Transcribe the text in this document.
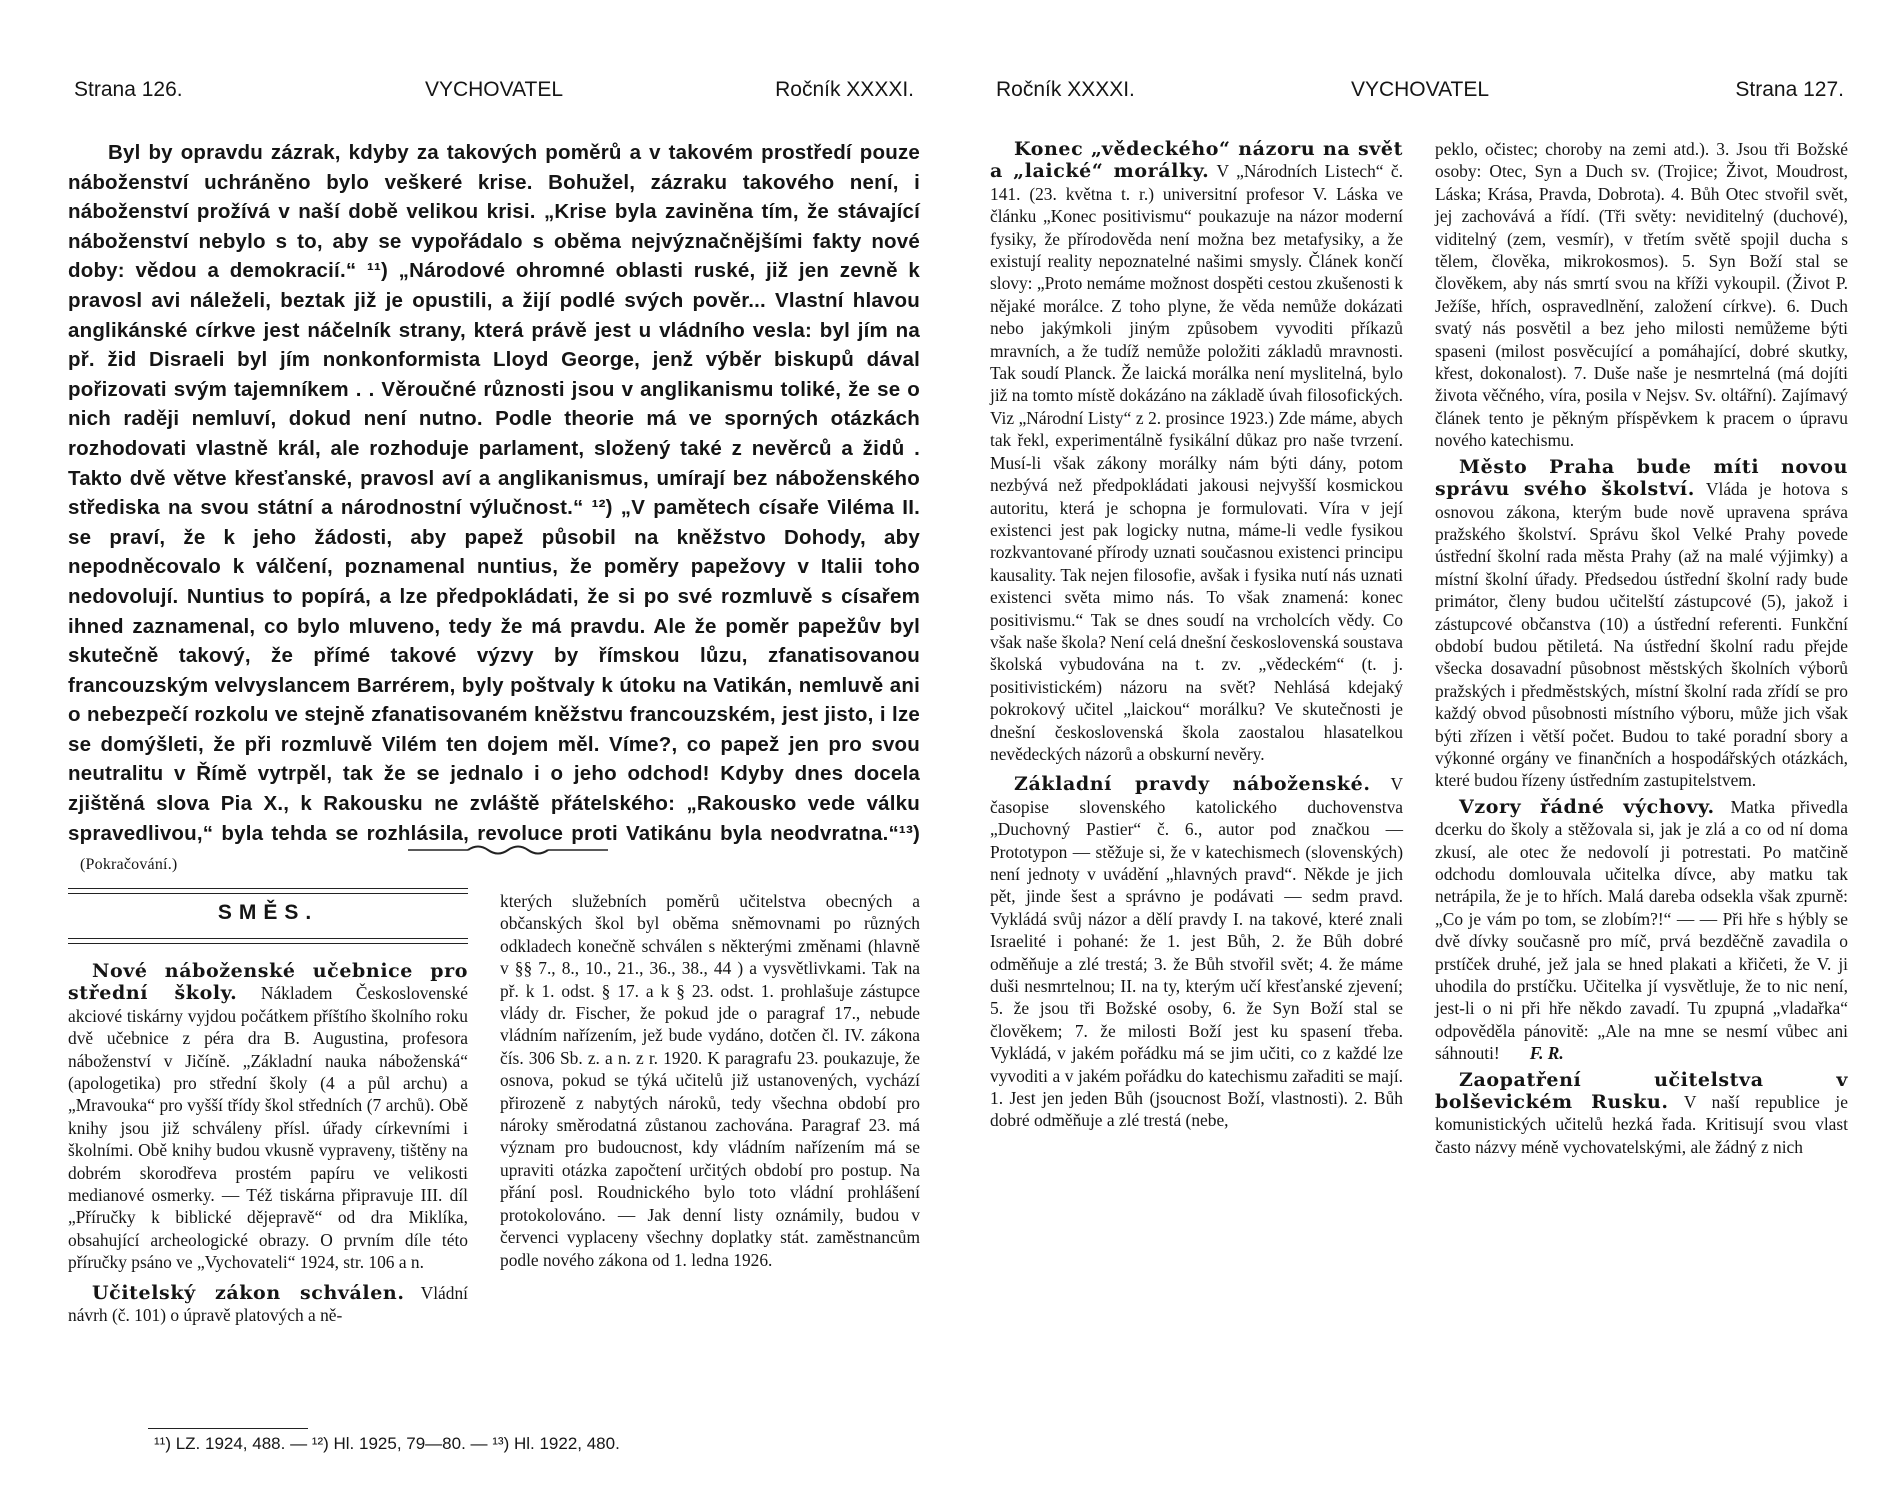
Strana 126.	VYCHOVATEL	Ročník XXXXI.

Byl by opravdu zázrak, kdyby za takových poměrů a v takovém prostředí pouze náboženství uchráněno bylo veškeré krise. Bohužel, zázraku takového není, i náboženství prožívá v naší době velikou krisi. „Krise byla zaviněna tím, že stávající náboženství nebylo s to, aby se vypořádalo s oběma nejvýznačnějšími fakty nové doby: vědou a demokracií.“ ¹¹) „Národové ohromné oblasti ruské, již jen zevně k pravosl avi náleželi, beztak již je opustili, a žijí podlé svých pověr... Vlastní hlavou anglikánské církve jest náčelník strany, která právě jest u vládního vesla: byl jím na př. žid Disraeli byl jím nonkonformista Lloyd George, jenž výběr biskupů dával pořizovati svým tajemníkem . . Věroučné různosti jsou v anglikanismu toliké, že se o nich raději nemluví, dokud není nutno. Podle theorie má ve sporných otázkách rozhodovati vlastně král, ale rozhoduje parlament, složený také z nevěrců a židů . Takto dvě větve křesťanské, pravosl aví a anglikanismus, umírají bez náboženského střediska na svou státní a národnostní výlučnost.“ ¹²) „V pamětech císaře Viléma II. se praví, že k jeho žádosti, aby papež působil na kněžstvo Dohody, aby nepodněcovalo k válčení, poznamenal nuntius, že poměry papežovy v Italii toho nedovolují. Nuntius to popírá, a lze předpokládati, že si po své rozmluvě s císařem ihned zaznamenal, co bylo mluveno, tedy že má pravdu. Ale že poměr papežův byl skutečně takový, že přímé takové výzvy by římskou lůzu, zfanatisovanou francouzským velvyslancem Barrérem, byly poštvaly k útoku na Vatikán, nemluvě ani o nebezpečí rozkolu ve stejně zfanatisovaném kněžstvu francouzském, jest jisto, i lze se domýšleti, že při rozmluvě Vilém ten dojem měl. Víme?, co papež jen pro svou neutralitu v Římě vytrpěl, tak že se jednalo i o jeho odchod! Kdyby dnes docela zjištěná slova Pia X., k Rakousku ne zvláště přátelského: „Rakousko vede válku spravedlivou,“ byla tehda se rozhlásila, revoluce proti Vatikánu byla neodvratna.“¹³)(Pokračování.)

SMĚS.

Nové náboženské učebnice pro střední školy. Nákladem Československé akciové tiskárny vyjdou počátkem příštího školního roku dvě učebnice z péra dra B. Augustina, profesora náboženství v Jičíně. „Základní nauka náboženská“ (apologetika) pro střední školy (4 a půl archu) a „Mravouka“ pro vyšší třídy škol středních (7 archů). Obě knihy jsou již schváleny přísl. úřady církevními i školními. Obě knihy budou vkusně vypraveny, tištěny na dobrém skorodřeva prostém papíru ve velikosti medianové osmerky. — Též tiskárna připravuje III. díl „Příručky k biblické dějepravě“ od dra Miklíka, obsahující archeologické obrazy. O prvním díle této příručky psáno ve „Vychovateli“ 1924, str. 106 a n.

Učitelský zákon schválen. Vládní návrh (č. 101) o úpravě platových a ně-

kterých služebních poměrů učitelstva obecných a občanských škol byl oběma sněmovnami po různých odkladech konečně schválen s některými změnami (hlavně v §§ 7., 8., 10., 21., 36., 38., 44 ) a vysvětlivkami. Tak na př. k 1. odst. § 17. a k § 23. odst. 1. prohlašuje zástupce vlády dr. Fischer, že pokud jde o paragraf 17., nebude vládním nařízením, jež bude vydáno, dotčen čl. IV. zákona čís. 306 Sb. z. a n. z r. 1920. K paragrafu 23. poukazuje, že osnova, pokud se týká učitelů již ustanovených, vychází přirozeně z nabytých nároků, tedy všechna období pro nároky směrodatná zůstanou zachována. Paragraf 23. má význam pro budoucnost, kdy vládním nařízením má se upraviti otázka započtení určitých období pro postup. Na přání posl. Roudnického bylo toto vládní prohlášení protokolováno. — Jak denní listy oznámily, budou v červenci vyplaceny všechny doplatky stát. zaměstnancům podle nového zákona od 1. ledna 1926.

¹¹) LZ. 1924, 488. — ¹²) Hl. 1925, 79—80. — ¹³) Hl. 1922, 480.
Ročník XXXXI.	VYCHOVATEL	Strana 127.

Konec „vědeckého“ názoru na svět a „laické“ morálky. V „Národních Listech“ č. 141. (23. května t. r.) universitní profesor V. Láska ve článku „Konec positivismu“ poukazuje na názor moderní fysiky, že přírodověda není možna bez metafysiky, a že existují reality nepoznatelné našimi smysly. Článek končí slovy: „Proto nemáme možnost dospěti cestou zkušenosti k nějaké morálce. Z toho plyne, že věda nemůže dokázati nebo jakýmkoli jiným způsobem vyvoditi příkazů mravních, a že tudíž nemůže položiti základů mravnosti. Tak soudí Planck. Že laická morálka není myslitelná, bylo již na tomto místě dokázáno na základě úvah filosofických. Viz „Národní Listy“ z 2. prosince 1923.) Zde máme, abych tak řekl, experimentálně fysikální důkaz pro naše tvrzení. Musí-li však zákony morálky nám býti dány, potom nezbývá než předpokládati jakousi nejvyšší kosmickou autoritu, která je schopna je formulovati. Víra v její existenci jest pak logicky nutna, máme-li vedle fysikou rozkvantované přírody uznati současnou existenci principu kausality. Tak nejen filosofie, avšak i fysika nutí nás uznati existenci světa mimo nás. To však znamená: konec positivismu.“ Tak se dnes soudí na vrcholcích vědy. Co však naše škola? Není celá dnešní československá soustava školská vybudována na t. zv. „vědeckém“ (t. j. positivistickém) názoru na svět? Nehlásá kdejaký pokrokový učitel „laickou“ morálku? Ve skutečnosti je dnešní československá škola zaostalou hlasatelkou nevědeckých názorů a obskurní nevěry.

Základní pravdy náboženské. V časopise slovenského katolického duchovenstva „Duchovný Pastier“ č. 6., autor pod značkou — Prototypon — stěžuje si, že v katechismech (slovenských) není jednoty v uvádění „hlavných pravd“. Někde je jich pět, jinde šest a správno je podávati — sedm pravd. Vykládá svůj názor a dělí pravdy I. na takové, které znali Israelité i pohané: že 1. jest Bůh, 2. že Bůh dobré odměňuje a zlé trestá; 3. že Bůh stvořil svět; 4. že máme duši nesmrtelnou; II. na ty, kterým učí křesťanské zjevení; 5. že jsou tři Božské osoby, 6. že Syn Boží stal se člověkem; 7. že milosti Boží jest ku spasení třeba. Vykládá, v jakém pořádku má se jim učiti, co z každé lze vyvoditi a v jakém pořádku do katechismu zařaditi se mají. 1. Jest jen jeden Bůh (jsoucnost Boží, vlastnosti). 2. Bůh dobré odměňuje a zlé trestá (nebe,

peklo, očistec; choroby na zemi atd.). 3. Jsou tři Božské osoby: Otec, Syn a Duch sv. (Trojice; Život, Moudrost, Láska; Krása, Pravda, Dobrota). 4. Bůh Otec stvořil svět, jej zachovává a řídí. (Tři světy: neviditelný (duchové), viditelný (zem, vesmír), v třetím světě spojil ducha s tělem, člověka, mikrokosmos). 5. Syn Boží stal se člověkem, aby nás smrtí svou na kříži vykoupil. (Život P. Ježíše, hřích, ospravedlnění, založení církve). 6. Duch svatý nás posvětil a bez jeho milosti nemůžeme býti spaseni (milost posvěcující a pomáhající, dobré skutky, křest, dokonalost). 7. Duše naše je nesmrtelná (má dojíti života věčného, víra, posila v Nejsv. Sv. oltářní). Zajímavý článek tento je pěkným příspěvkem k pracem o úpravu nového katechismu.

Město Praha bude míti novou správu svého školství. Vláda je hotova s osnovou zákona, kterým bude nově upravena správa pražského školství. Správu škol Velké Prahy povede ústřední školní rada města Prahy (až na malé výjimky) a místní školní úřady. Předsedou ústřední školní rady bude primátor, členy budou učitelští zástupcové (5), jakož i zástupcové občanstva (10) a ústřední referenti. Funkční období budou pětiletá. Na ústřední školní radu přejde všecka dosavadní působnost městských školních výborů pražských i předměstských, místní školní rada zřídí se pro každý obvod působnosti místního výboru, může jich však býti zřízen i větší počet. Budou to také poradní sbory a výkonné orgány ve finančních a hospodářských otázkách, které budou řízeny ústředním zastupitelstvem.

Vzory řádné výchovy. Matka přivedla dcerku do školy a stěžovala si, jak je zlá a co od ní doma zkusí, ale otec že nedovolí ji potrestati. Po matčině odchodu domlouvala učitelka dívce, aby matku tak netrápila, že je to hřích. Malá dareba odsekla však zpurně: „Co je vám po tom, se zlobím?!“ — — Při hře s hýbly se dvě dívky současně pro míč, prvá bezděčně zavadila o prstíček druhé, jež jala se hned plakati a křičeti, že V. ji uhodila do prstíčku. Učitelka jí vysvětluje, že to nic není, jest-li o ni při hře někdo zavadí. Tu zpupná „vladařka“ odpověděla pánovitě: „Ale na mne se nesmí vůbec ani sáhnouti! F. R.

Zaopatření učitelstva v bolševickém Rusku. V naší republice je komunistických učitelů hezká řada. Kritisují svou vlast často názvy méně vychovatelskými, ale žádný z nich
